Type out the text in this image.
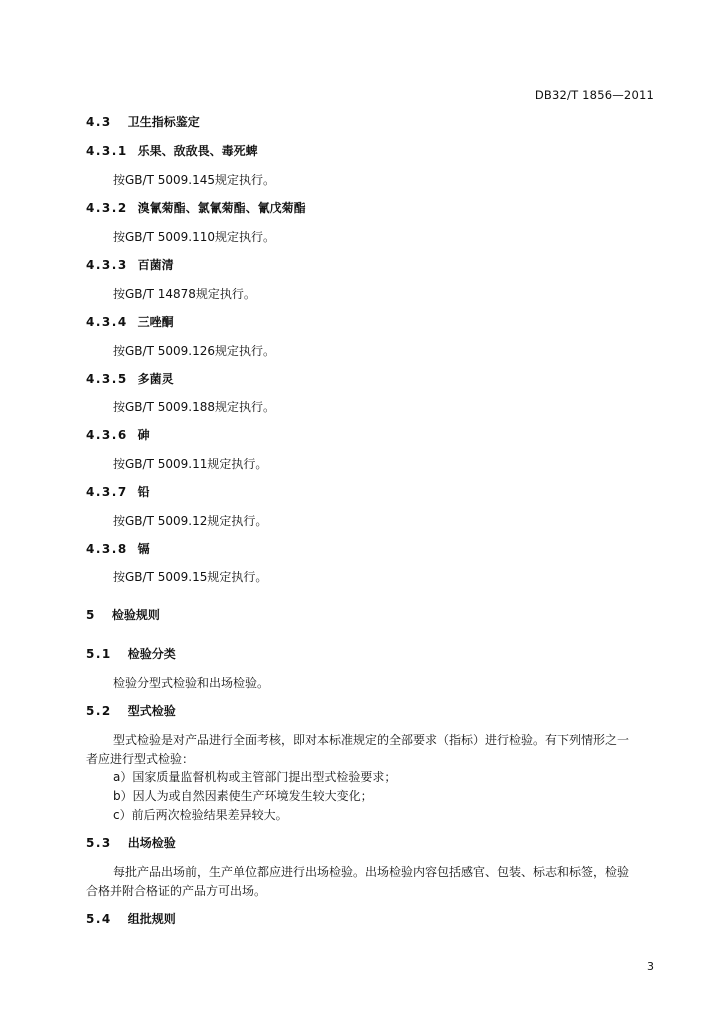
DB32/T 1856—2011
4.3 卫生指标鉴定
4.3.1 乐果、敌敌畏、毒死蜱
按GB/T 5009.145规定执行。
4.3.2 溴氰菊酯、氯氰菊酯、氰戊菊酯
按GB/T 5009.110规定执行。
4.3.3 百菌清
按GB/T 14878规定执行。
4.3.4 三唑酮
按GB/T 5009.126规定执行。
4.3.5 多菌灵
按GB/T 5009.188规定执行。
4.3.6 砷
按GB/T 5009.11规定执行。
4.3.7 铅
按GB/T 5009.12规定执行。
4.3.8 镉
按GB/T 5009.15规定执行。
5 检验规则
5.1 检验分类
检验分型式检验和出场检验。
5.2 型式检验
型式检验是对产品进行全面考核，即对本标准规定的全部要求（指标）进行检验。有下列情形之一
者应进行型式检验：
a）国家质量监督机构或主管部门提出型式检验要求；
b）因人为或自然因素使生产环境发生较大变化；
c）前后两次检验结果差异较大。
5.3 出场检验
每批产品出场前，生产单位都应进行出场检验。出场检验内容包括感官、包装、标志和标签，检验
合格并附合格证的产品方可出场。
5.4 组批规则
3
